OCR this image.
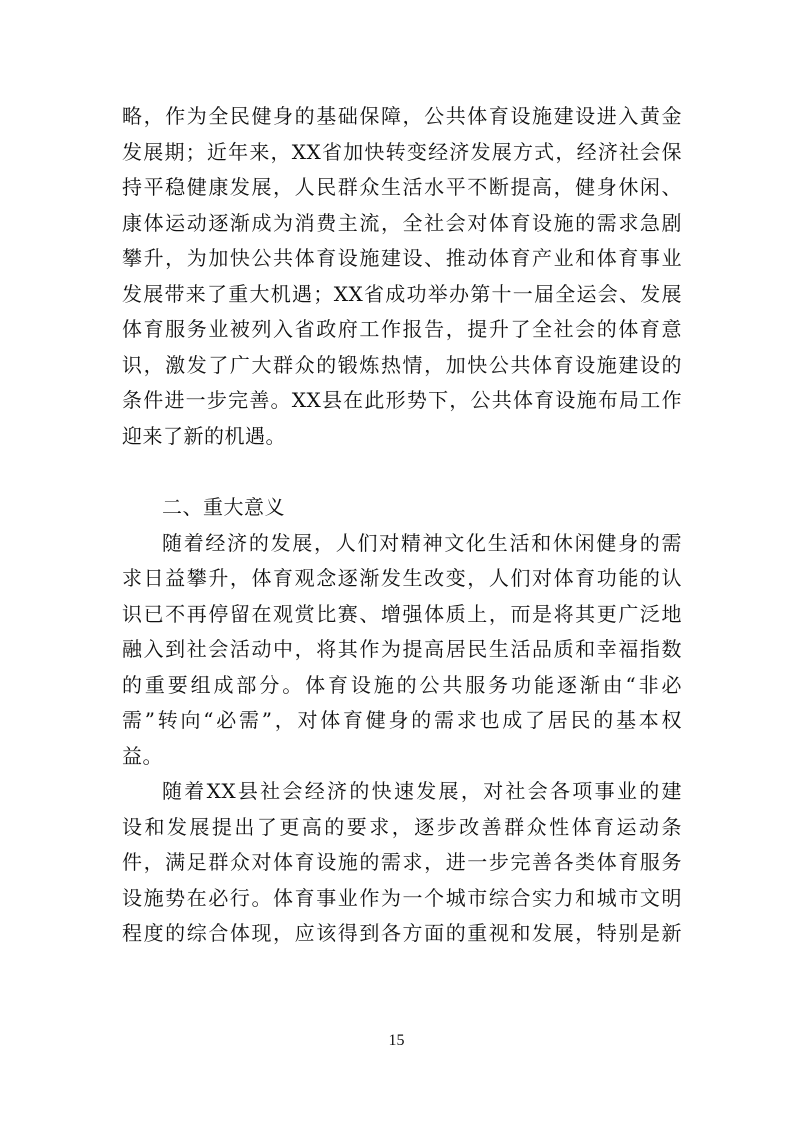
略，作为全民健身的基础保障，公共体育设施建设进入黄金
发展期；近年来，XX省加快转变经济发展方式，经济社会保
持平稳健康发展，人民群众生活水平不断提高，健身休闲、
康体运动逐渐成为消费主流，全社会对体育设施的需求急剧
攀升，为加快公共体育设施建设、推动体育产业和体育事业
发展带来了重大机遇；XX省成功举办第十一届全运会、发展
体育服务业被列入省政府工作报告，提升了全社会的体育意
识，激发了广大群众的锻炼热情，加快公共体育设施建设的
条件进一步完善。XX县在此形势下，公共体育设施布局工作
迎来了新的机遇。
二、重大意义
随着经济的发展，人们对精神文化生活和休闲健身的需
求日益攀升，体育观念逐渐发生改变，人们对体育功能的认
识已不再停留在观赏比赛、增强体质上，而是将其更广泛地
融入到社会活动中，将其作为提高居民生活品质和幸福指数
的重要组成部分。体育设施的公共服务功能逐渐由“非必
需”转向“必需”，对体育健身的需求也成了居民的基本权
益。
随着XX县社会经济的快速发展，对社会各项事业的建
设和发展提出了更高的要求，逐步改善群众性体育运动条
件，满足群众对体育设施的需求，进一步完善各类体育服务
设施势在必行。体育事业作为一个城市综合实力和城市文明
程度的综合体现，应该得到各方面的重视和发展，特别是新
15
